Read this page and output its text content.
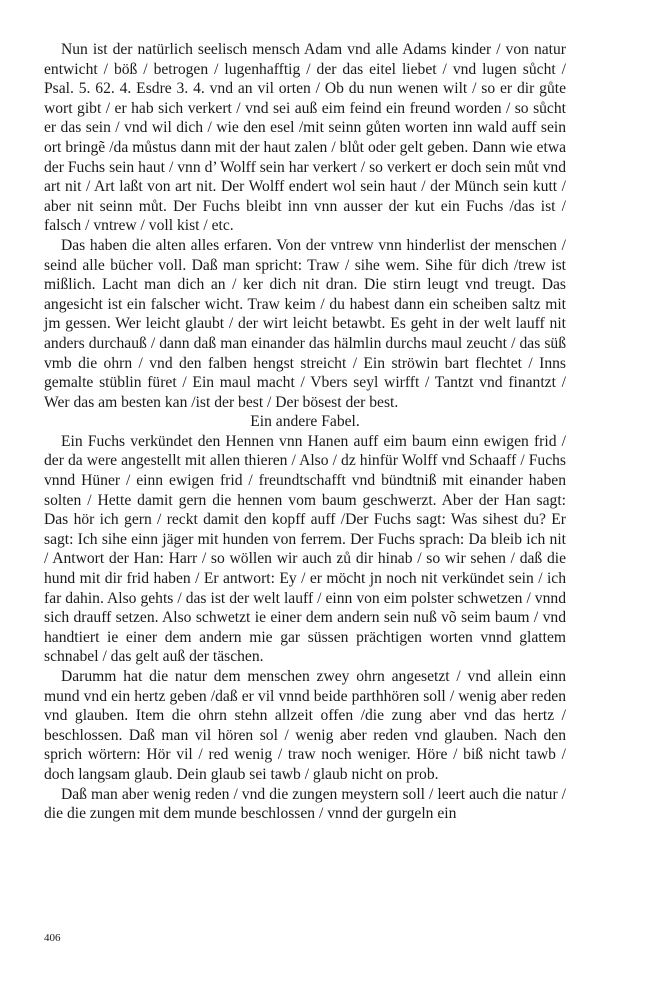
Nun ist der natürlich seelisch mensch Adam vnd alle Adams kinder / von natur entwicht / böß / betrogen / lugenhafftig / der das eitel liebet / vnd lugen sůcht / Psal. 5. 62. 4. Esdre 3. 4. vnd an vil orten / Ob du nun wenen wilt / so er dir gůte wort gibt / er hab sich verkert / vnd sei auß eim feind ein freund worden / so sůcht er das sein / vnd wil dich / wie den esel /mit seinn gůten worten inn wald auff sein ort bringẽ /da můstus dann mit der haut zalen / blůt oder gelt geben. Dann wie etwa der Fuchs sein haut / vnn d’ Wolff sein har verkert / so verkert er doch sein můt vnd art nit / Art laßt von art nit. Der Wolff endert wol sein haut / der Münch sein kutt / aber nit seinn můt. Der Fuchs bleibt inn vnn ausser der kut ein Fuchs /das ist / falsch / vntrew / voll kist / etc.

Das haben die alten alles erfaren. Von der vntrew vnn hinderlist der menschen / seind alle bücher voll. Daß man spricht: Traw / sihe wem. Sihe für dich /trew ist mißlich. Lacht man dich an / ker dich nit dran. Die stirn leugt vnd treugt. Das angesicht ist ein falscher wicht. Traw keim / du habest dann ein scheiben saltz mit jm gessen. Wer leicht glaubt / der wirt leicht betawbt. Es geht in der welt lauff nit anders durchauß / dann daß man einander das hälmlin durchs maul zeucht / das süß vmb die ohrn / vnd den falben hengst streicht / Ein ströwin bart flechtet / Inns gemalte stüblin füret / Ein maul macht / Vbers seyl wirfft / Tantzt vnd finantzt / Wer das am besten kan /ist der best / Der bösest der best.

Ein andere Fabel.

Ein Fuchs verkündet den Hennen vnn Hanen auff eim baum einn ewigen frid / der da were angestellt mit allen thieren / Also / dz hinfür Wolff vnd Schaaff / Fuchs vnnd Hüner / einn ewigen frid / freundtschafft vnd bündtniß mit einander haben solten / Hette damit gern die hennen vom baum geschwerzt. Aber der Han sagt: Das hör ich gern / reckt damit den kopff auff /Der Fuchs sagt: Was sihest du? Er sagt: Ich sihe einn jäger mit hunden von ferrem. Der Fuchs sprach: Da bleib ich nit / Antwort der Han: Harr / so wöllen wir auch zů dir hinab / so wir sehen / daß die hund mit dir frid haben / Er antwort: Ey / er möcht jn noch nit verkündet sein / ich far dahin. Also gehts / das ist der welt lauff / einn von eim polster schwetzen / vnnd sich drauff setzen. Also schwetzt ie einer dem andern sein nuß võ seim baum / vnd handtiert ie einer dem andern mie gar süssen prächtigen worten vnnd glattem schnabel / das gelt auß der täschen.

Darumm hat die natur dem menschen zwey ohrn angesetzt / vnd allein einn mund vnd ein hertz geben /daß er vil vnnd beide parthhören soll / wenig aber reden vnd glauben. Item die ohrn stehn allzeit offen /die zung aber vnd das hertz / beschlossen. Daß man vil hören sol / wenig aber reden vnd glauben. Nach den sprich wörtern: Hör vil / red wenig / traw noch weniger. Höre / biß nicht tawb / doch langsam glaub. Dein glaub sei tawb / glaub nicht on prob.

Daß man aber wenig reden / vnd die zungen meystern soll / leert auch die natur / die die zungen mit dem munde beschlossen / vnnd der gurgeln ein

406
